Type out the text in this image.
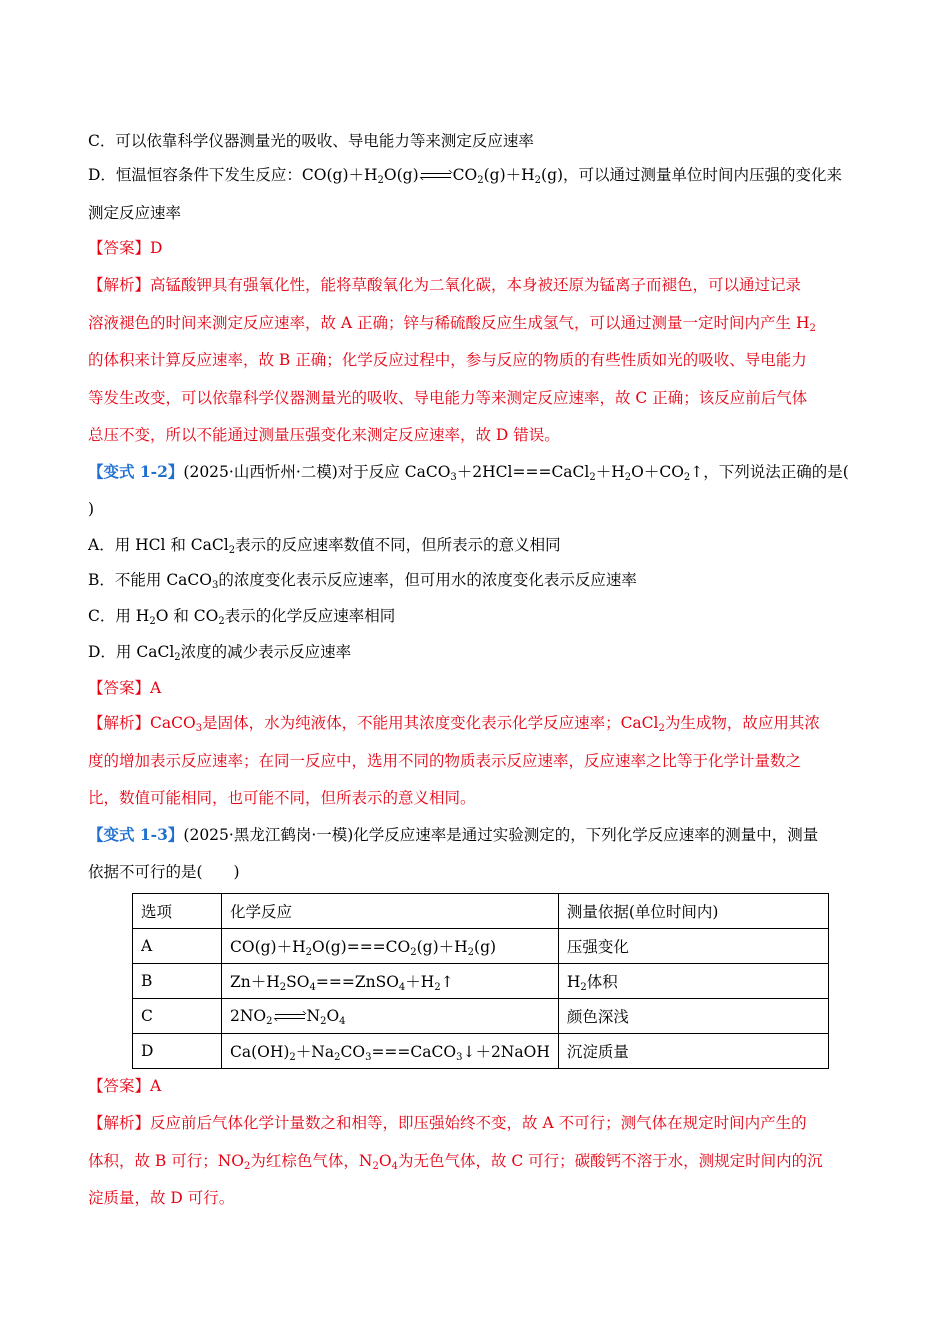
C．可以依靠科学仪器测量光的吸收、导电能力等来测定反应速率
D．恒温恒容条件下发生反应：$CO(g)+H_2O(g)$ $CO_2(g)+H_2(g)$，可以通过测量单位时间内压强的变化来
测定反应速率
【答案】D
【解析】高锰酸钾具有强氧化性，能将草酸氧化为二氧化碳，本身被还原为锰离子而褪色，可以通过记录
溶液褪色的时间来测定反应速率，故 A 正确；锌与稀硫酸反应生成氢气，可以通过测量一定时间内产生 $H_2$
的体积来计算反应速率，故 B 正确；化学反应过程中，参与反应的物质的有些性质如光的吸收、导电能力
等发生改变，可以依靠科学仪器测量光的吸收、导电能力等来测定反应速率，故 C 正确；该反应前后气体
总压不变，所以不能通过测量压强变化来测定反应速率，故 D 错误。
【变式 1-2】(2025·山西忻州·二模)对于反应 $CaCO_3+2HCl===CaCl_2+H_2O+CO_2↑$，下列说法正确的是(
)
A．用 HCl 和 CaCl$_2$表示的反应速率数值不同，但所表示的意义相同
B．不能用 CaCO$_3$的浓度变化表示反应速率，但可用水的浓度变化表示反应速率
C．用 $H_2O$ 和 $CO_2$表示的化学反应速率相同
D．用 CaCl$_2$浓度的减少表示反应速率
【答案】A
【解析】CaCO$_3$是固体，水为纯液体，不能用其浓度变化表示化学反应速率；CaCl$_2$为生成物，故应用其浓
度的增加表示反应速率；在同一反应中，选用不同的物质表示反应速率，反应速率之比等于化学计量数之
比，数值可能相同，也可能不同，但所表示的意义相同。
【变式 1-3】(2025·黑龙江鹤岗·一模)化学反应速率是通过实验测定的，下列化学反应速率的测量中，测量
依据不可行的是(　　)
选项	化学反应	测量依据(单位时间内)
A	$CO(g)+H_2O(g)===CO_2(g)+H_2(g)$	压强变化
B	$Zn+H_2SO_4===ZnSO_4+H_2↑$	$H_2$体积
C	$2NO_2$ $N_2O_4$	颜色深浅
D	$Ca(OH)_2+Na_2CO_3===CaCO_3↓+2NaOH$	沉淀质量
【答案】A
【解析】反应前后气体化学计量数之和相等，即压强始终不变，故 A 不可行；测气体在规定时间内产生的
体积，故 B 可行；$NO_2$为红棕色气体，$N_2O_4$为无色气体，故 C 可行；碳酸钙不溶于水，测规定时间内的沉
淀质量，故 D 可行。
